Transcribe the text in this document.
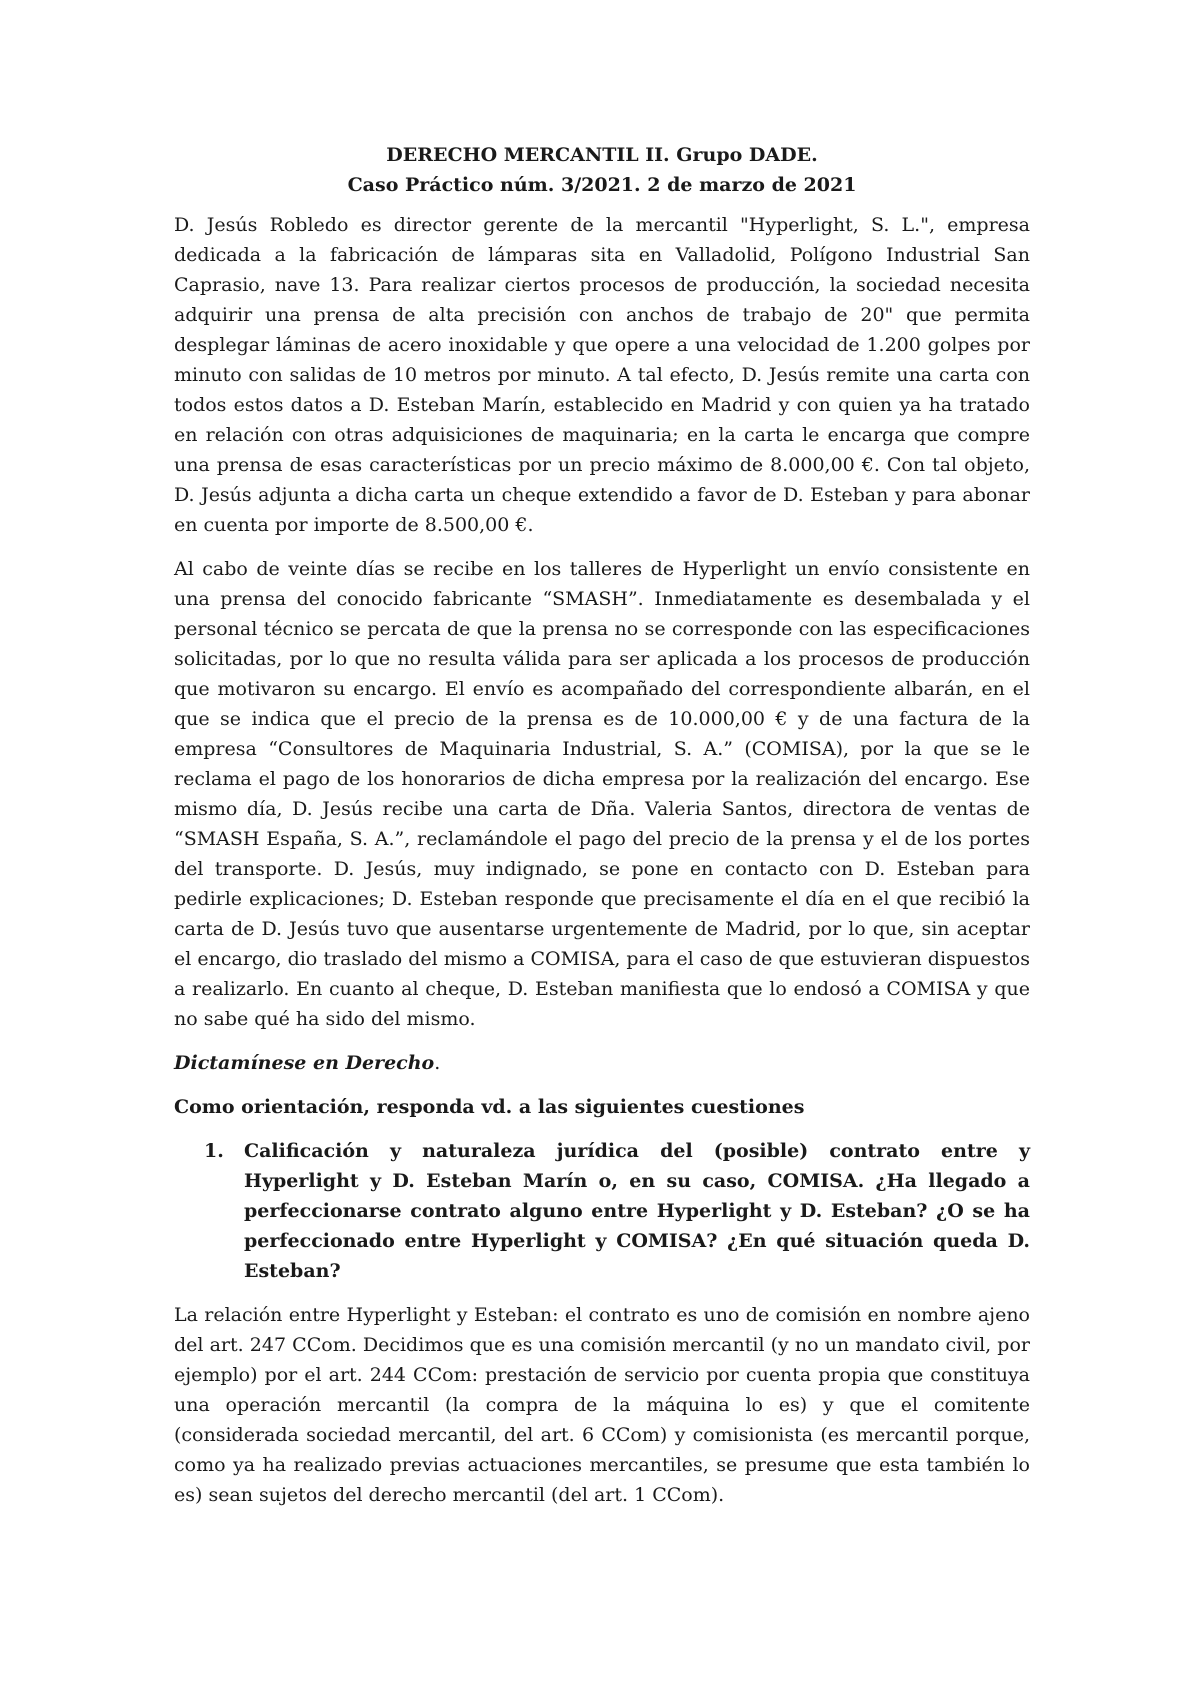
DERECHO MERCANTIL II. Grupo DADE.

Caso Práctico núm. 3/2021. 2 de marzo de 2021

D. Jesús Robledo es director gerente de la mercantil "Hyperlight, S. L.", empresa dedicada a la fabricación de lámparas sita en Valladolid, Polígono Industrial San Caprasio, nave 13. Para realizar ciertos procesos de producción, la sociedad necesita adquirir una prensa de alta precisión con anchos de trabajo de 20" que permita desplegar láminas de acero inoxidable y que opere a una velocidad de 1.200 golpes por minuto con salidas de 10 metros por minuto. A tal efecto, D. Jesús remite una carta con todos estos datos a D. Esteban Marín, establecido en Madrid y con quien ya ha tratado en relación con otras adquisiciones de maquinaria; en la carta le encarga que compre una prensa de esas características por un precio máximo de 8.000,00 €. Con tal objeto, D. Jesús adjunta a dicha carta un cheque extendido a favor de D. Esteban y para abonar en cuenta por importe de 8.500,00 €.

Al cabo de veinte días se recibe en los talleres de Hyperlight un envío consistente en una prensa del conocido fabricante “SMASH”. Inmediatamente es desembalada y el personal técnico se percata de que la prensa no se corresponde con las especificaciones solicitadas, por lo que no resulta válida para ser aplicada a los procesos de producción que motivaron su encargo. El envío es acompañado del correspondiente albarán, en el que se indica que el precio de la prensa es de 10.000,00 € y de una factura de la empresa “Consultores de Maquinaria Industrial, S. A.” (COMISA), por la que se le reclama el pago de los honorarios de dicha empresa por la realización del encargo. Ese mismo día, D. Jesús recibe una carta de Dña. Valeria Santos, directora de ventas de “SMASH España, S. A.”, reclamándole el pago del precio de la prensa y el de los portes del transporte. D. Jesús, muy indignado, se pone en contacto con D. Esteban para pedirle explicaciones; D. Esteban responde que precisamente el día en el que recibió la carta de D. Jesús tuvo que ausentarse urgentemente de Madrid, por lo que, sin aceptar el encargo, dio traslado del mismo a COMISA, para el caso de que estuvieran dispuestos a realizarlo. En cuanto al cheque, D. Esteban manifiesta que lo endosó a COMISA y que no sabe qué ha sido del mismo.

Dictamínese en Derecho.

Como orientación, responda vd. a las siguientes cuestiones

1.	Calificación y naturaleza jurídica del (posible) contrato entre y Hyperlight y D. Esteban Marín o, en su caso, COMISA. ¿Ha llegado a perfeccionarse contrato alguno entre Hyperlight y D. Esteban? ¿O se ha perfeccionado entre Hyperlight y COMISA? ¿En qué situación queda D. Esteban?

La relación entre Hyperlight y Esteban: el contrato es uno de comisión en nombre ajeno del art. 247 CCom. Decidimos que es una comisión mercantil (y no un mandato civil, por ejemplo) por el art. 244 CCom: prestación de servicio por cuenta propia que constituya una operación mercantil (la compra de la máquina lo es) y que el comitente (considerada sociedad mercantil, del art. 6 CCom) y comisionista (es mercantil porque, como ya ha realizado previas actuaciones mercantiles, se presume que esta también lo es) sean sujetos del derecho mercantil (del art. 1 CCom).
